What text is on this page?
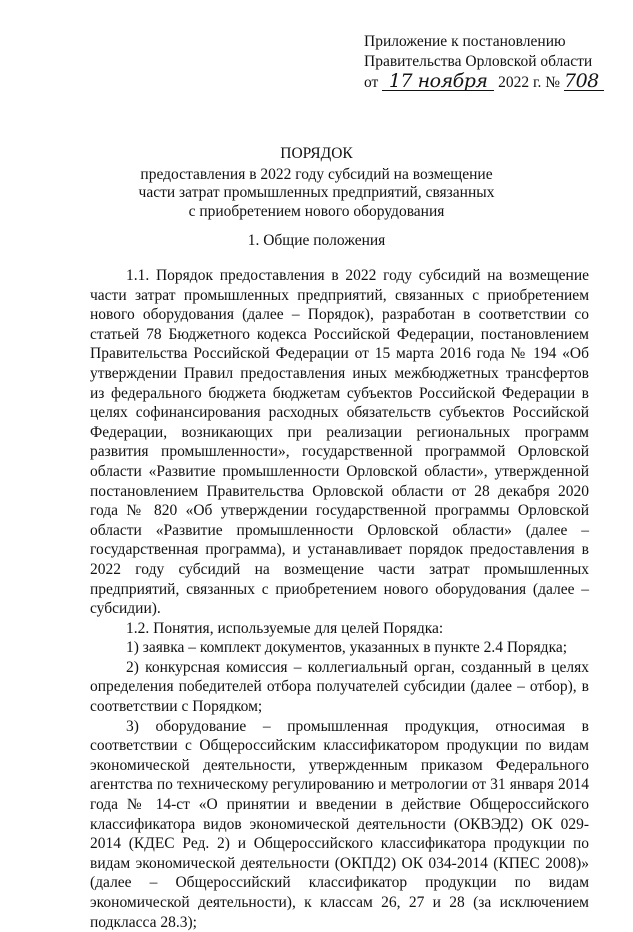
Приложение к постановлению
Правительства Орловской области
от 17 ноября 2022 г. № 708
ПОРЯДОК
предоставления в 2022 году субсидий на возмещение
части затрат промышленных предприятий, связанных
с приобретением нового оборудования
1. Общие положения

1.1. Порядок предоставления в 2022 году субсидий на возмещение части затрат промышленных предприятий, связанных с приобретением нового оборудования (далее – Порядок), разработан в соответствии со статьей 78 Бюджетного кодекса Российской Федерации, постановлением Правительства Российской Федерации от 15 марта 2016 года № 194 «Об утверждении Правил предоставления иных межбюджетных трансфертов из федерального бюджета бюджетам субъектов Российской Федерации в целях софинансирования расходных обязательств субъектов Российской Федерации, возникающих при реализации региональных программ развития промышленности», государственной программой Орловской области «Развитие промышленности Орловской области», утвержденной постановлением Правительства Орловской области от 28 декабря 2020 года № 820 «Об утверждении государственной программы Орловской области «Развитие промышленности Орловской области» (далее – государственная программа), и устанавливает порядок предоставления в 2022 году субсидий на возмещение части затрат промышленных предприятий, связанных с приобретением нового оборудования (далее – субсидии).

1.2. Понятия, используемые для целей Порядка:

1) заявка – комплект документов, указанных в пункте 2.4 Порядка;

2) конкурсная комиссия – коллегиальный орган, созданный в целях определения победителей отбора получателей субсидии (далее – отбор), в соответствии с Порядком;

3) оборудование – промышленная продукция, относимая в соответствии с Общероссийским классификатором продукции по видам экономической деятельности, утвержденным приказом Федерального агентства по техническому регулированию и метрологии от 31 января 2014 года № 14-ст «О принятии и введении в действие Общероссийского классификатора видов экономической деятельности (ОКВЭД2) ОК 029-2014 (КДЕС Ред. 2) и Общероссийского классификатора продукции по видам экономической деятельности (ОКПД2) ОК 034-2014 (КПЕС 2008)» (далее – Общероссийский классификатор продукции по видам экономической деятельности), к классам 26, 27 и 28 (за исключением подкласса 28.3);
